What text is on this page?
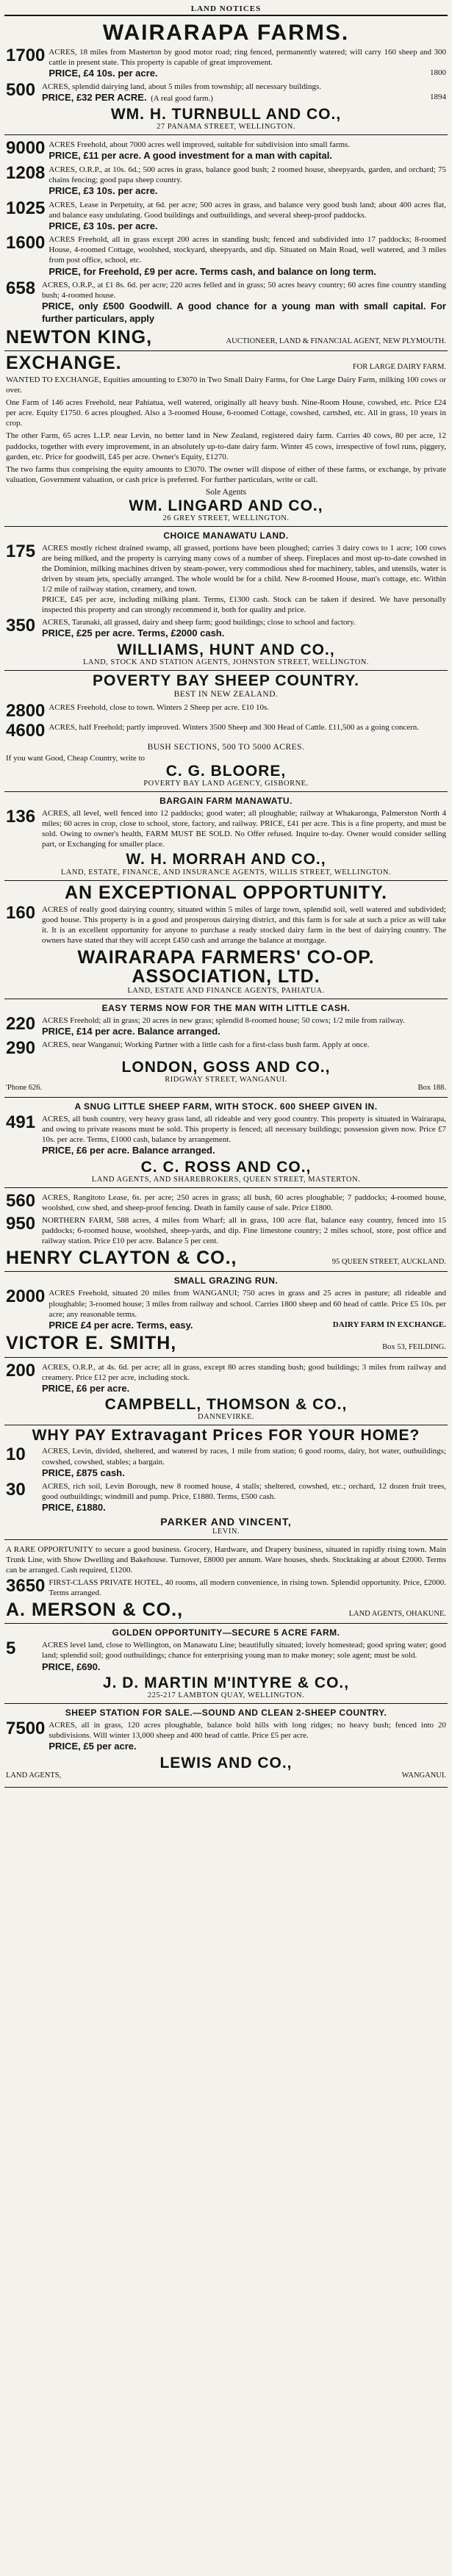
LAND NOTICES
WAIRARAPA FARMS.
1700 ACRES, 18 miles from Masterton by good motor road; ring fenced, permanently watered; will carry 160 sheep and 300 cattle in present state. This property is capable of great improvement.
PRICE, £4 10s. per acre.	1800
500 ACRES, splendid dairying land, about 5 miles from township; all necessary buildings.
PRICE, £32 PER ACRE. (A real good farm.)	1894
WM. H. TURNBULL AND CO.,
27 PANAMA STREET, WELLINGTON.
9000 ACRES Freehold, about 7000 acres well improved, suitable for subdivision into small farms.
PRICE, £11 per acre. A good investment for a man with capital.
1208 ACRES, O.R.P., at 10s. 6d.; 500 acres in grass, balance good bush; 2 roomed house, sheepyards, garden, and orchard; 75 chains fencing; good papa sheep country.
PRICE, £3 10s. per acre.
1025 ACRES, Lease in Perpetuity, at 6d. per acre; 500 acres in grass, and balance very good bush land; about 400 acres flat, and balance easy undulating. Good buildings and outbuildings, and several sheep-proof paddocks.
PRICE, £3 10s. per acre.
1600 ACRES Freehold, all in grass except 200 acres in standing bush; fenced and subdivided into 17 paddocks; 8-roomed House, 4-roomed Cottage, woolshed, stockyard, sheepyards, and dip. Situated on Main Road, well watered, and 3 miles from post office, school, etc.
PRICE, for Freehold, £9 per acre. Terms cash, and balance on long term.
658 ACRES, O.R.P., at £1 8s. 6d. per acre; 220 acres felled and in grass; 50 acres heavy country; 60 acres fine country standing bush; 4-roomed house.
PRICE, only £500 Goodwill. A good chance for a young man with small capital. For further particulars, apply
NEWTON KING,	AUCTIONEER, LAND & FINANCIAL AGENT, NEW PLYMOUTH.
EXCHANGE.	FOR LARGE DAIRY FARM.
WANTED TO EXCHANGE, Equities amounting to £3070 in Two Small Dairy Farms, for One Large Dairy Farm, milking 100 cows or over.
One Farm of 146 acres Freehold, near Pahiatua, well watered, originally all heavy bush. Nine-Room House, cowshed, etc. Price £24 per acre. Equity £1750. 6 acres ploughed. Also a 3-roomed House, 6-roomed Cottage, cowshed, cartshed, etc. All in grass, 10 years in crop.
The other Farm, 65 acres L.I.P. near Levin, no better land in New Zealand, registered dairy farm. Carries 40 cows, 80 per acre, 12 paddocks, together with every improvement, in an absolutely up-to-date dairy farm. Winter 45 cows, irrespective of fowl runs, piggery, garden, etc. Price for goodwill, £45 per acre. Owner's Equity, £1270.
The two farms thus comprising the equity amounts to £3070. The owner will dispose of either of these farms, or exchange, by private valuation, Government valuation, or cash price is preferred. For further particulars, write or call.
Sole Agents
WM. LINGARD AND CO.,
26 GREY STREET, WELLINGTON.
CHOICE MANAWATU LAND.
175 ACRES mostly richest drained swamp, all grassed, portions have been ploughed; carries 3 dairy cows to 1 acre; 100 cows are being milked, and the property is carrying many cows of a number of sheep. Fireplaces and most up-to-date cowshed in the Dominion, milking machines driven by steam-power, very commodious shed for machinery, tables, and utensils, water is driven by steam jets, specially arranged. The whole would be for a child. New 8-roomed House, man's cottage, etc. Within 1/2 mile of railway station, creamery, and town.
PRICE, £45 per acre, including milking plant. Terms, £1300 cash. Stock can be taken if desired. We have personally inspected this property and can strongly recommend it, both for quality and price.
350 ACRES, Taranaki, all grassed, dairy and sheep farm; good buildings; close to school and factory.
PRICE, £25 per acre. Terms, £2000 cash.
WILLIAMS, HUNT AND CO.,
LAND, STOCK AND STATION AGENTS, JOHNSTON STREET, WELLINGTON.
POVERTY BAY SHEEP COUNTRY.
BEST IN NEW ZEALAND.
2800 ACRES Freehold, close to town. Winters 2 Sheep per acre. £10 10s.
4600 ACRES, half Freehold; partly improved. Winters 3500 Sheep and 300 Head of Cattle. £11,500 as a going concern.
BUSH SECTIONS, 500 TO 5000 ACRES.
If you want Good, Cheap Country, write to
C. G. BLOORE,
POVERTY BAY LAND AGENCY, GISBORNE.
BARGAIN FARM MANAWATU.
136 ACRES, all level, well fenced into 12 paddocks; good water; all ploughable; railway at Whakaronga, Palmerston North 4 miles; 60 acres in crop, close to school, store, factory, and railway. PRICE, £41 per acre. This is a fine property, and must be sold. Owing to owner's health, FARM MUST BE SOLD. No Offer refused. Inquire to-day. Owner would consider selling part, or Exchanging for smaller place.
W. H. MORRAH AND CO.,
LAND, ESTATE, FINANCE, AND INSURANCE AGENTS, WILLIS STREET, WELLINGTON.
AN EXCEPTIONAL OPPORTUNITY.
160 ACRES of really good dairying country, situated within 5 miles of large town, splendid soil, well watered and subdivided; good house. This property is in a good and prosperous dairying district, and this farm is for sale at such a price as will take it. It is an excellent opportunity for anyone to purchase a ready stocked dairy farm in the best of dairying country. The owners have stated that they will accept £450 cash and arrange the balance at mortgage.
WAIRARAPA FARMERS' CO-OP. ASSOCIATION, LTD.
LAND, ESTATE AND FINANCE AGENTS, PAHIATUA.
EASY TERMS NOW FOR THE MAN WITH LITTLE CASH.
220 ACRES Freehold; all in grass; 20 acres in new grass; splendid 8-roomed house; 50 cows; 1/2 mile from railway.
PRICE, £14 per acre. Balance arranged.
290 ACRES, near Wanganui; Working Partner with a little cash for a first-class bush farm. Apply at once.
LONDON, GOSS AND CO.,
RIDGWAY STREET, WANGANUI.
'Phone 626.	Box 188.
A SNUG LITTLE SHEEP FARM, WITH STOCK. 600 SHEEP GIVEN IN.
491 ACRES, all bush country, very heavy grass land, all rideable and very good country. This property is situated in Wairarapa, and owing to private reasons must be sold. This property is fenced; all necessary buildings; possession given now. Price £7 10s. per acre. Terms, £1000 cash, balance by arrangement.
PRICE, £6 per acre. Balance arranged.
C. C. ROSS AND CO.,
LAND AGENTS, AND SHAREBROKERS, QUEEN STREET, MASTERTON.
560 ACRES, Rangitoto Lease, 6s. per acre; 250 acres in grass; all bush, 60 acres ploughable; 7 paddocks; 4-roomed house, woolshed, cow shed, and sheep-proof fencing. Death in family cause of sale. Price £1800.
950 NORTHERN FARM, 588 acres, 4 miles from Wharf; all in grass, 100 acre flat, balance easy country, fenced into 15 paddocks; 6-roomed house, woolshed, sheep-yards, and dip. Fine limestone country; 2 miles school, store, post office and railway station. Price £10 per acre. Balance 5 per cent.
HENRY CLAYTON & CO.,	95 QUEEN STREET, AUCKLAND.
SMALL GRAZING RUN.
2000 ACRES Freehold, situated 20 miles from WANGANUI; 750 acres in grass and 25 acres in pasture; all rideable and ploughable; 3-roomed house; 3 miles from railway and school. Carries 1800 sheep and 60 head of cattle. Price £5 10s. per acre; any reasonable terms.
PRICE £4 per acre. Terms, easy.	DAIRY FARM IN EXCHANGE.
VICTOR E. SMITH,	Box 53, FEILDING.
200 ACRES, O.R.P., at 4s. 6d. per acre; all in grass, except 80 acres standing bush; good buildings; 3 miles from railway and creamery. Price £12 per acre, including stock.
PRICE, £6 per acre.
CAMPBELL, THOMSON & CO.,
DANNEVIRKE.
WHY PAY Extravagant Prices FOR YOUR HOME?
10	ACRES, Levin, divided, sheltered, and watered by races, 1 mile from station; 6 good rooms, dairy, hot water, outbuildings; cowshed, cowshed, stables; a bargain.
PRICE, £875 cash.
30	ACRES, rich soil, Levin Borough, new 8 roomed house, 4 stalls; sheltered, cowshed, etc.; orchard, 12 dozen fruit trees, good outbuildings; windmill and pump. Price, £1880. Terms, £500 cash.
PRICE, £1880.
PARKER AND VINCENT,
LEVIN.
A RARE OPPORTUNITY to secure a good business. Grocery, Hardware, and Drapery business, situated in rapidly rising town. Main Trunk Line, with Show Dwelling and Bakehouse. Turnover, £8000 per annum. Ware houses, sheds. Stocktaking at about £2000. Terms can be arranged. Cash required, £1200.
3650 FIRST-CLASS PRIVATE HOTEL, 40 rooms, all modern convenience, in rising town. Splendid opportunity. Price, £2000. Terms arranged.
A. MERSON & CO.,	LAND AGENTS, OHAKUNE.
GOLDEN OPPORTUNITY—SECURE 5 ACRE FARM.
5	ACRES level land, close to Wellington, on Manawatu Line; beautifully situated; lovely homestead; good spring water; good land; splendid soil; good outbuildings; chance for enterprising young man to make money; sole agent; must be sold.
PRICE, £690.
J. D. MARTIN M'INTYRE & CO.,
225-217 LAMBTON QUAY, WELLINGTON.
SHEEP STATION FOR SALE.—SOUND AND CLEAN 2-SHEEP COUNTRY.
7500 ACRES, all in grass, 120 acres ploughable, balance bold hills with long ridges; no heavy bush; fenced into 20 subdivisions. Will winter 13,000 sheep and 400 head of cattle. Price £5 per acre.
PRICE, £5 per acre.
LEWIS AND CO.,
LAND AGENTS,	WANGANUI.
